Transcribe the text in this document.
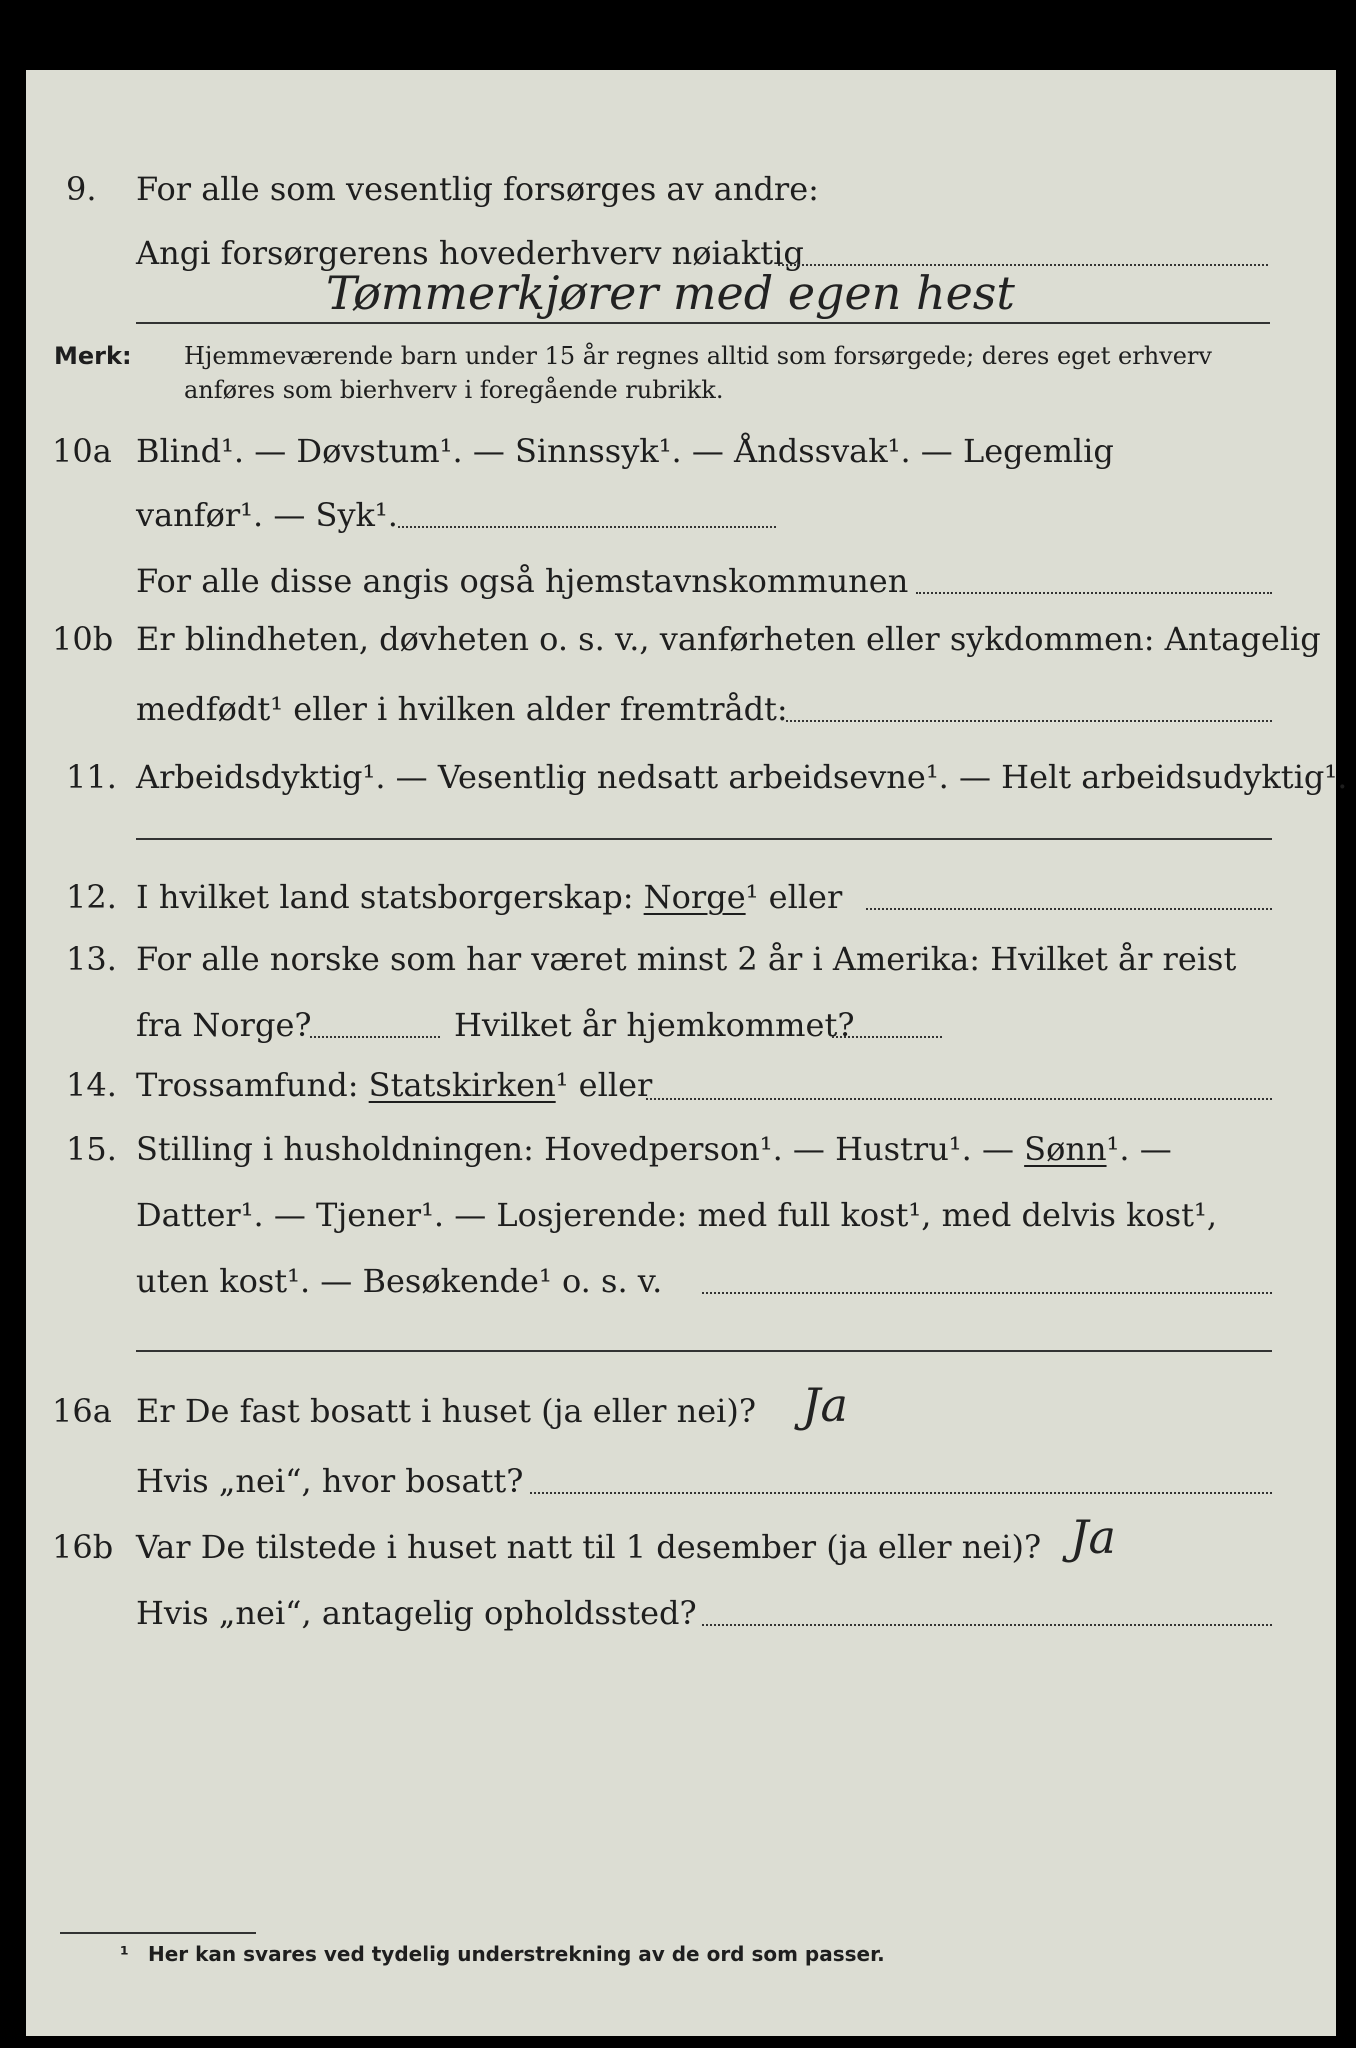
9. For alle som vesentlig forsørges av andre:
Angi forsørgerens hovederhverv nøiaktig
Tømmerkjører med egen hest
Merk: Hjemmeværende barn under 15 år regnes alltid som forsørgede; deres eget erhverv
anføres som bierhverv i foregående rubrikk.
10a Blind¹. — Døvstum¹. — Sinnssyk¹. — Åndssvak¹. — Legemlig
vanfør¹. — Syk¹.
For alle disse angis også hjemstavnskommunen
10b Er blindheten, døvheten o. s. v., vanførheten eller sykdommen: Antagelig
medfødt¹ eller i hvilken alder fremtrådt:
11. Arbeidsdyktig¹. — Vesentlig nedsatt arbeidsevne¹. — Helt arbeidsudyktig¹.
12. I hvilket land statsborgerskap: Norge¹ eller
13. For alle norske som har været minst 2 år i Amerika: Hvilket år reist
fra Norge?	Hvilket år hjemkommet?
14. Trossamfund: Statskirken¹ eller
15. Stilling i husholdningen: Hovedperson¹. — Hustru¹. — Sønn¹. —
Datter¹. — Tjener¹. — Losjerende: med full kost¹, med delvis kost¹,
uten kost¹. — Besøkende¹ o. s. v.
16a Er De fast bosatt i huset (ja eller nei)? Ja
Hvis „nei“, hvor bosatt?
16b Var De tilstede i huset natt til 1 desember (ja eller nei)? Ja
Hvis „nei“, antagelig opholdssted?
¹ Her kan svares ved tydelig understrekning av de ord som passer.
